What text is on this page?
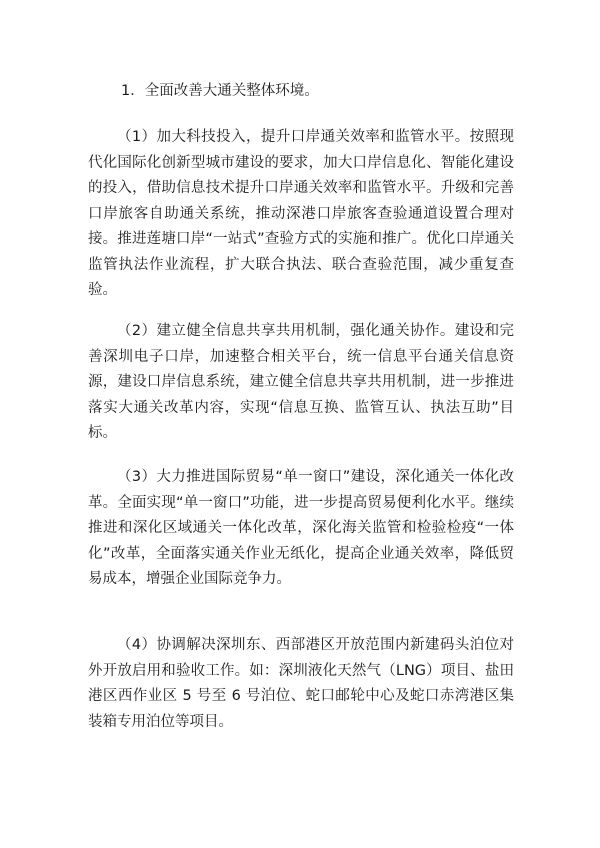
1．全面改善大通关整体环境。

（1）加大科技投入，提升口岸通关效率和监管水平。按照现代化国际化创新型城市建设的要求，加大口岸信息化、智能化建设的投入，借助信息技术提升口岸通关效率和监管水平。升级和完善口岸旅客自助通关系统，推动深港口岸旅客查验通道设置合理对接。推进莲塘口岸“一站式”查验方式的实施和推广。优化口岸通关监管执法作业流程，扩大联合执法、联合查验范围，减少重复查验。

（2）建立健全信息共享共用机制，强化通关协作。建设和完善深圳电子口岸，加速整合相关平台，统一信息平台通关信息资源，建设口岸信息系统，建立健全信息共享共用机制，进一步推进落实大通关改革内容，实现“信息互换、监管互认、执法互助”目标。

（3）大力推进国际贸易“单一窗口”建设，深化通关一体化改革。全面实现“单一窗口”功能，进一步提高贸易便利化水平。继续推进和深化区域通关一体化改革，深化海关监管和检验检疫“一体化”改革，全面落实通关作业无纸化，提高企业通关效率，降低贸易成本，增强企业国际竞争力。

（4）协调解决深圳东、西部港区开放范围内新建码头泊位对外开放启用和验收工作。如：深圳液化天然气（LNG）项目、盐田港区西作业区 5 号至 6 号泊位、蛇口邮轮中心及蛇口赤湾港区集装箱专用泊位等项目。
